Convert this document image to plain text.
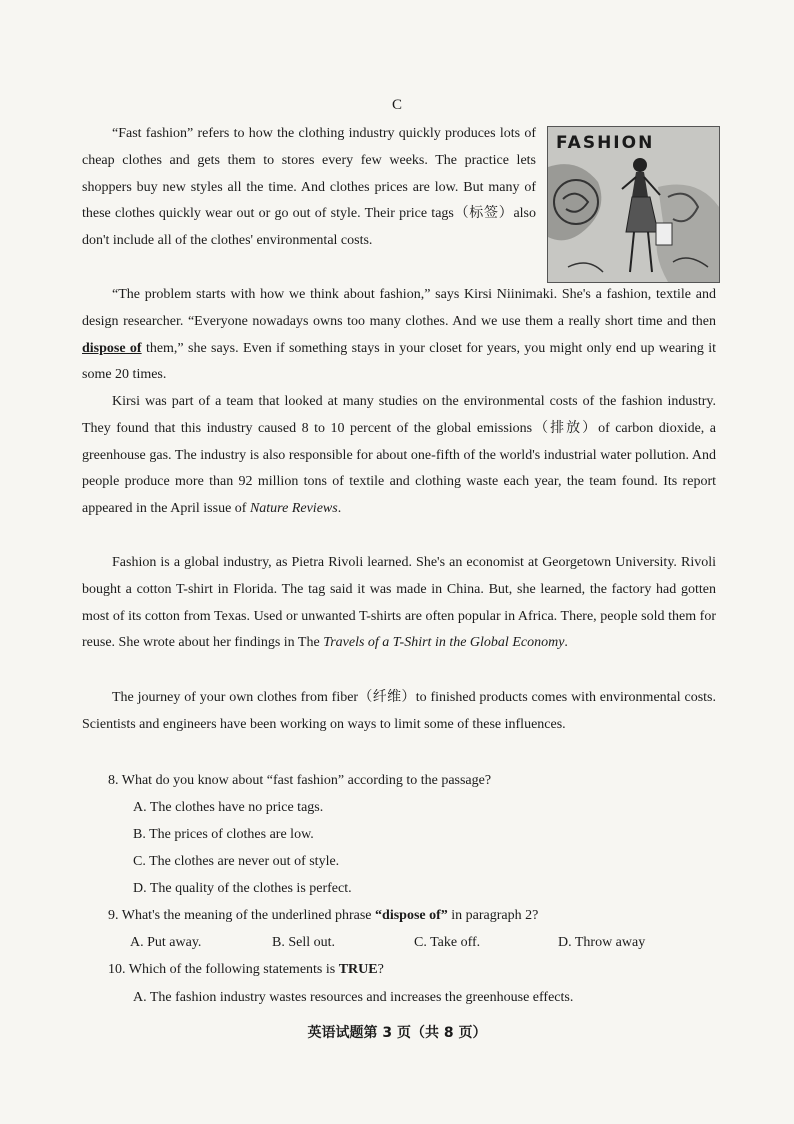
C

“Fast fashion” refers to how the clothing industry quickly produces lots of cheap clothes and gets them to stores every few weeks. The practice lets shoppers buy new styles all the time. And clothes prices are low. But many of these clothes quickly wear out or go out of style. Their price tags（标签）also don't include all of the clothes' environmental costs.

FASHION

“The problem starts with how we think about fashion,” says Kirsi Niinimaki. She's a fashion, textile and design researcher. “Everyone nowadays owns too many clothes. And we use them a really short time and then dispose of them,” she says. Even if something stays in your closet for years, you might only end up wearing it some 20 times.

Kirsi was part of a team that looked at many studies on the environmental costs of the fashion industry. They found that this industry caused 8 to 10 percent of the global emissions（排放）of carbon dioxide, a greenhouse gas. The industry is also responsible for about one-fifth of the world's industrial water pollution. And people produce more than 92 million tons of textile and clothing waste each year, the team found. Its report appeared in the April issue of Nature Reviews.

Fashion is a global industry, as Pietra Rivoli learned. She's an economist at Georgetown University. Rivoli bought a cotton T-shirt in Florida. The tag said it was made in China. But, she learned, the factory had gotten most of its cotton from Texas. Used or unwanted T-shirts are often popular in Africa. There, people sold them for reuse. She wrote about her findings in The Travels of a T-Shirt in the Global Economy.

The journey of your own clothes from fiber（纤维）to finished products comes with environmental costs. Scientists and engineers have been working on ways to limit some of these influences.

8. What do you know about “fast fashion” according to the passage?
A. The clothes have no price tags.
B. The prices of clothes are low.
C. The clothes are never out of style.
D. The quality of the clothes is perfect.
9. What's the meaning of the underlined phrase “dispose of” in paragraph 2?
A. Put away.	B. Sell out.	C. Take off.	D. Throw away
10. Which of the following statements is TRUE?
A. The fashion industry wastes resources and increases the greenhouse effects.
英语试题第 3 页（共 8 页）
